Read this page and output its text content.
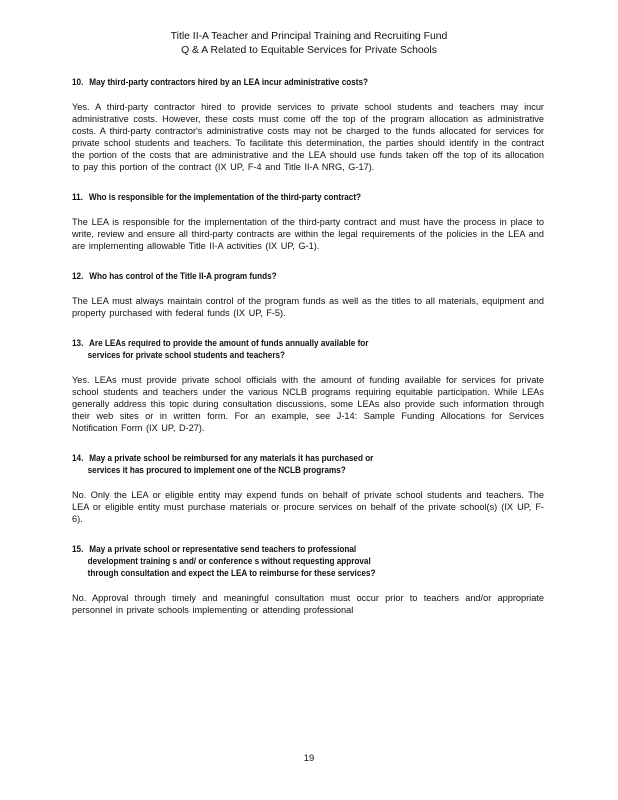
Title II-A Teacher and Principal Training and Recruiting Fund
Q & A Related to Equitable Services for Private Schools

10. May third-party contractors hired by an LEA incur administrative costs?

Yes. A third-party contractor hired to provide services to private school students and teachers may incur administrative costs. However, these costs must come off the top of the program allocation as administrative costs. A third-party contractor's administrative costs may not be charged to the funds allocated for services for private school students and teachers. To facilitate this determination, the parties should identify in the contract the portion of the costs that are administrative and the LEA should use funds taken off the top of its allocation to pay this portion of the contract (IX UP, F-4 and Title II-A NRG, G-17).

11. Who is responsible for the implementation of the third-party contract?

The LEA is responsible for the implementation of the third-party contract and must have the process in place to write, review and ensure all third-party contracts are within the legal requirements of the policies in the LEA and are implementing allowable Title II-A activities (IX UP, G-1).

12. Who has control of the Title II-A program funds?

The LEA must always maintain control of the program funds as well as the titles to all materials, equipment and property purchased with federal funds (IX UP, F-5).

13. Are LEAs required to provide the amount of funds annually available for
services for private school students and teachers?

Yes. LEAs must provide private school officials with the amount of funding available for services for private school students and teachers under the various NCLB programs requiring equitable participation. While LEAs generally address this topic during consultation discussions, some LEAs also provide such information through their web sites or in written form. For an example, see J-14: Sample Funding Allocations for Services Notification Form (IX UP, D-27).

14. May a private school be reimbursed for any materials it has purchased or
services it has procured to implement one of the NCLB programs?

No. Only the LEA or eligible entity may expend funds on behalf of private school students and teachers. The LEA or eligible entity must purchase materials or procure services on behalf of the private school(s) (IX UP, F-6).

15. May a private school or representative send teachers to professional
development training s and/ or conference s without requesting approval
through consultation and expect the LEA to reimburse for these services?

No. Approval through timely and meaningful consultation must occur prior to teachers and/or appropriate personnel in private schools implementing or attending professional

19
